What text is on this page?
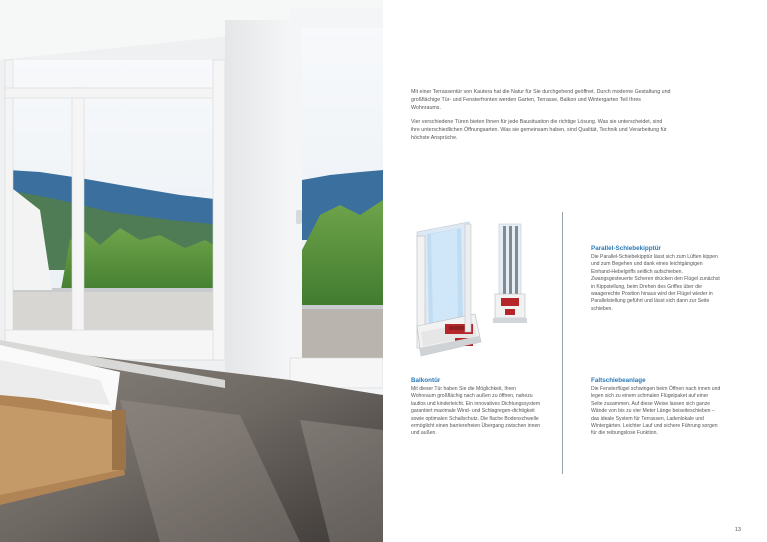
Mit einer Terrassentür von Kautera hat die Natur für Sie durchgehend geöffnet. Durch moderne Gestaltung und großflächige Tür- und Fensterfronten werden Garten, Terrasse, Balkon und Wintergarten Teil Ihres Wohnraums.

Vier verschiedene Türen bieten Ihnen für jede Bausituation die richtige Lösung. Was sie unterscheidet, sind ihre unterschiedlichen Öffnungsarten. Was sie gemeinsam haben, sind Qualität, Technik und Verarbeitung für höchste Ansprüche.

Parallel-Schiebekipptür

Die Parallel-Schiebekipptür lässt sich zum Lüften kippen und zum Begehen und dank eines leichtgängigen Einhand-Hebelgriffs seitlich aufschieben. Zwangsgesteuerte Scheren drücken den Flügel zunächst in Kippstellung, beim Drehen des Griffes über die waagerechte Position hinaus wird der Flügel wieder in Parallelstellung geführt und lässt sich dann zur Seite schieben.

Balkontür

Mit dieser Tür haben Sie die Möglichkeit, Ihren Wohnraum großflächig nach außen zu öffnen, nahezu lautlos und kinderleicht. Ein innovatives Dichtungssystem garantiert maximale Wind- und Schlagregen-dichtigkeit sowie optimalen Schallschutz. Die flache Bodenschwelle ermöglicht einen barrierefreien Übergang zwischen innen und außen.

Faltschiebeanlage

Die Fensterflügel schwingen beim Öffnen nach innen und legen sich zu einem schmalen Flügelpaket auf einer Seite zusammen. Auf diese Weise lassen sich ganze Wände von bis zu vier Meter Länge beiseiteschieben – das ideale System für Terrassen, Ladenlokale und Wintergärten. Leichter Lauf und sichere Führung sorgen für die reibungslose Funktion.

13
